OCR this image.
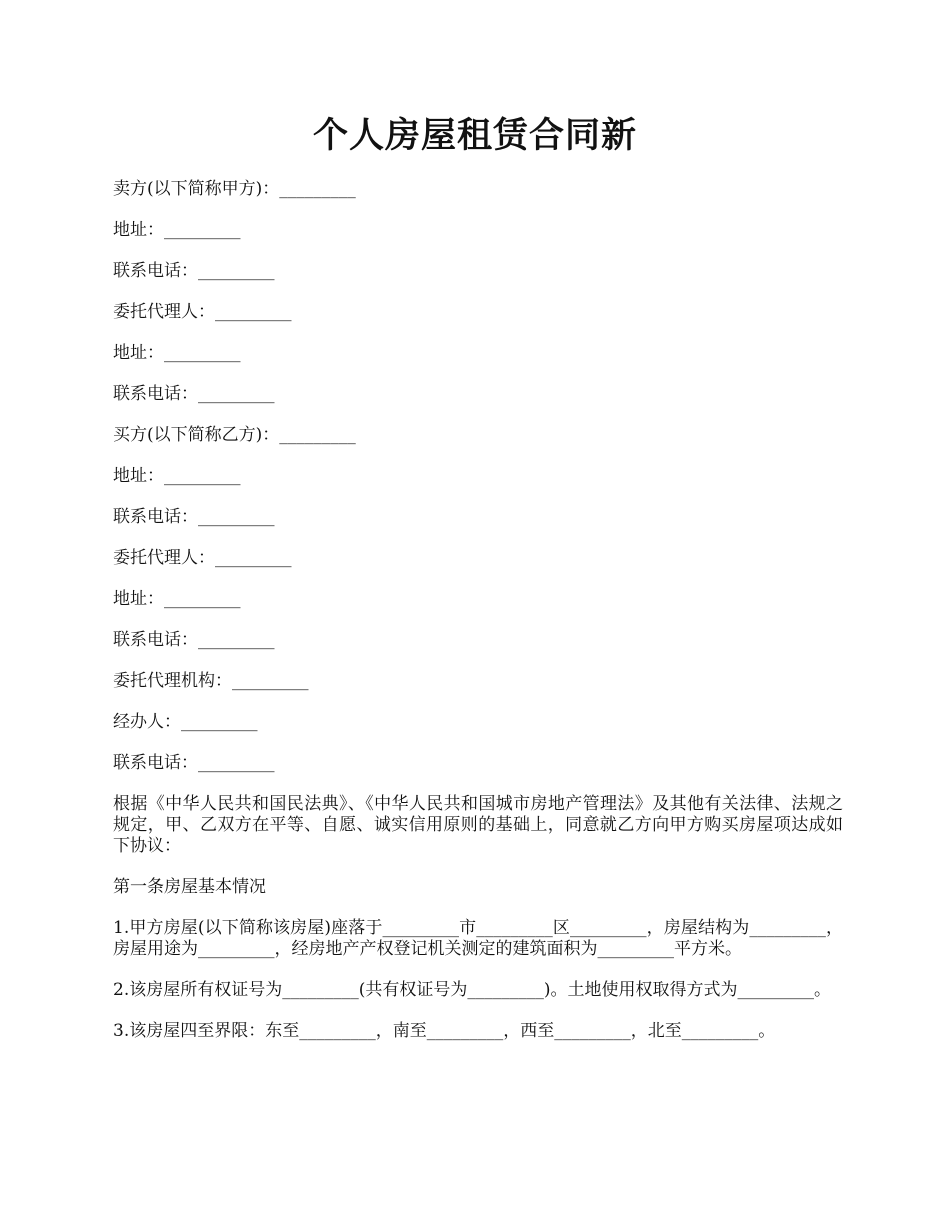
个人房屋租赁合同新
卖方(以下简称甲方)：_________
地址：_________
联系电话：_________
委托代理人：_________
地址：_________
联系电话：_________
买方(以下简称乙方)：_________
地址：_________
联系电话：_________
委托代理人：_________
地址：_________
联系电话：_________
委托代理机构：_________
经办人：_________
联系电话：_________
根据《中华人民共和国民法典》、《中华人民共和国城市房地产管理法》及其他有关法律、法规之规定，甲、乙双方在平等、自愿、诚实信用原则的基础上，同意就乙方向甲方购买房屋项达成如下协议：
第一条房屋基本情况
1.甲方房屋(以下简称该房屋)座落于_________市_________区_________，房屋结构为_________，房屋用途为_________，经房地产产权登记机关测定的建筑面积为_________平方米。
2.该房屋所有权证号为_________(共有权证号为_________)。土地使用权取得方式为_________。
3.该房屋四至界限：东至_________，南至_________，西至_________，北至_________。
